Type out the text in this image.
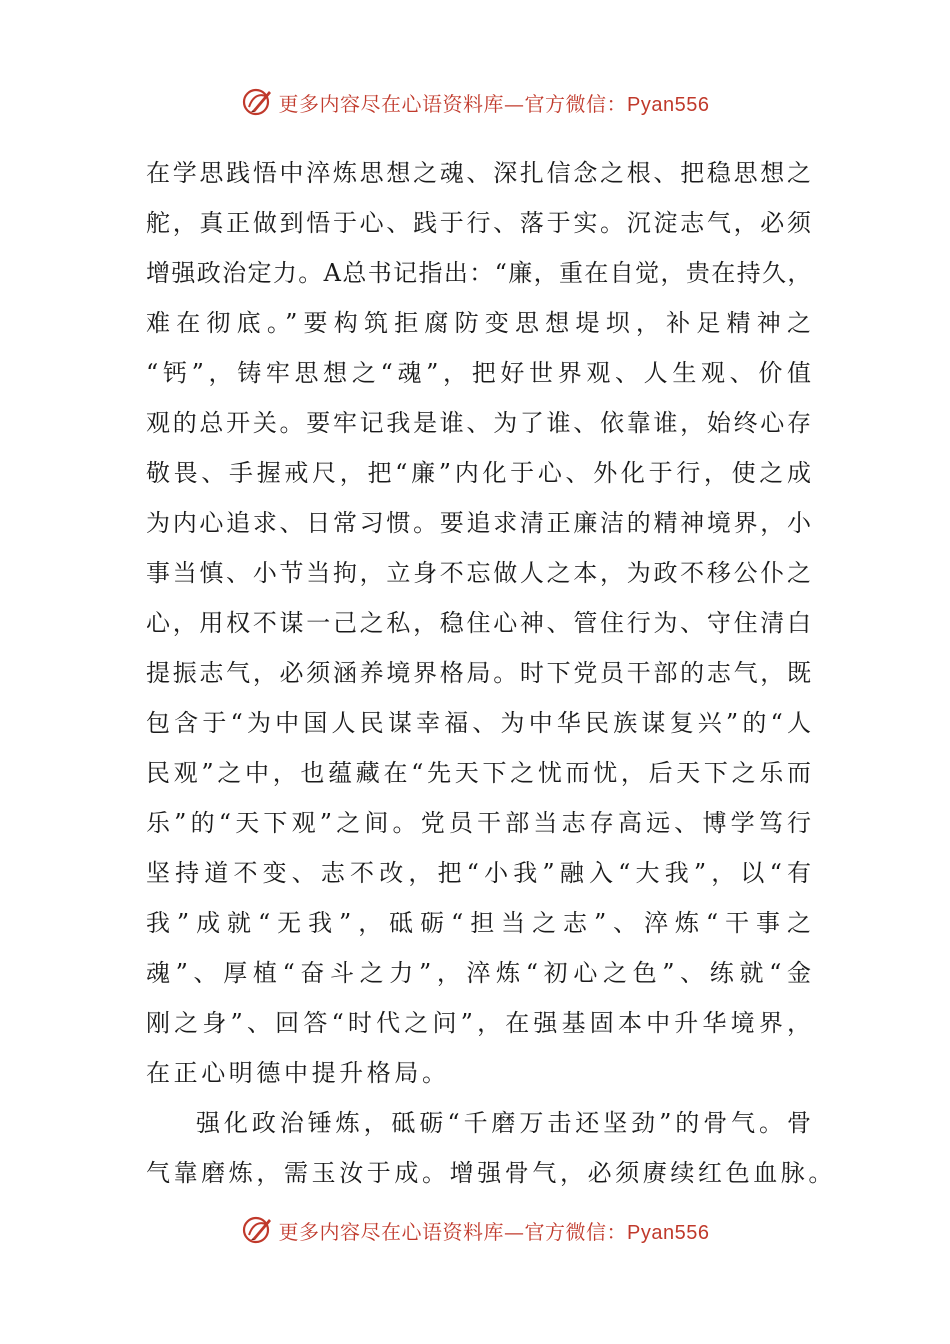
更多内容尽在心语资料库—官方微信：Pyan556
在学思践悟中淬炼思想之魂、深扎信念之根、把稳思想之
舵，真正做到悟于心、践于行、落于实。沉淀志气，必须
增强政治定力。A总书记指出：“廉，重在自觉，贵在持久，
难在彻底。”要构筑拒腐防变思想堤坝，补足精神之
“钙”，铸牢思想之“魂”，把好世界观、人生观、价值
观的总开关。要牢记我是谁、为了谁、依靠谁，始终心存
敬畏、手握戒尺，把“廉”内化于心、外化于行，使之成
为内心追求、日常习惯。要追求清正廉洁的精神境界，小
事当慎、小节当拘，立身不忘做人之本，为政不移公仆之
心，用权不谋一己之私，稳住心神、管住行为、守住清白
提振志气，必须涵养境界格局。时下党员干部的志气，既
包含于“为中国人民谋幸福、为中华民族谋复兴”的“人
民观”之中，也蕴藏在“先天下之忧而忧，后天下之乐而
乐”的“天下观”之间。党员干部当志存高远、博学笃行
坚持道不变、志不改，把“小我”融入“大我”，以“有
我”成就“无我”，砥砺“担当之志”、淬炼“干事之
魂”、厚植“奋斗之力”，淬炼“初心之色”、练就“金
刚之身”、回答“时代之问”，在强基固本中升华境界，
在正心明德中提升格局。
强化政治锤炼，砥砺“千磨万击还坚劲”的骨气。骨
气靠磨炼，需玉汝于成。增强骨气，必须赓续红色血脉。
更多内容尽在心语资料库—官方微信：Pyan556
